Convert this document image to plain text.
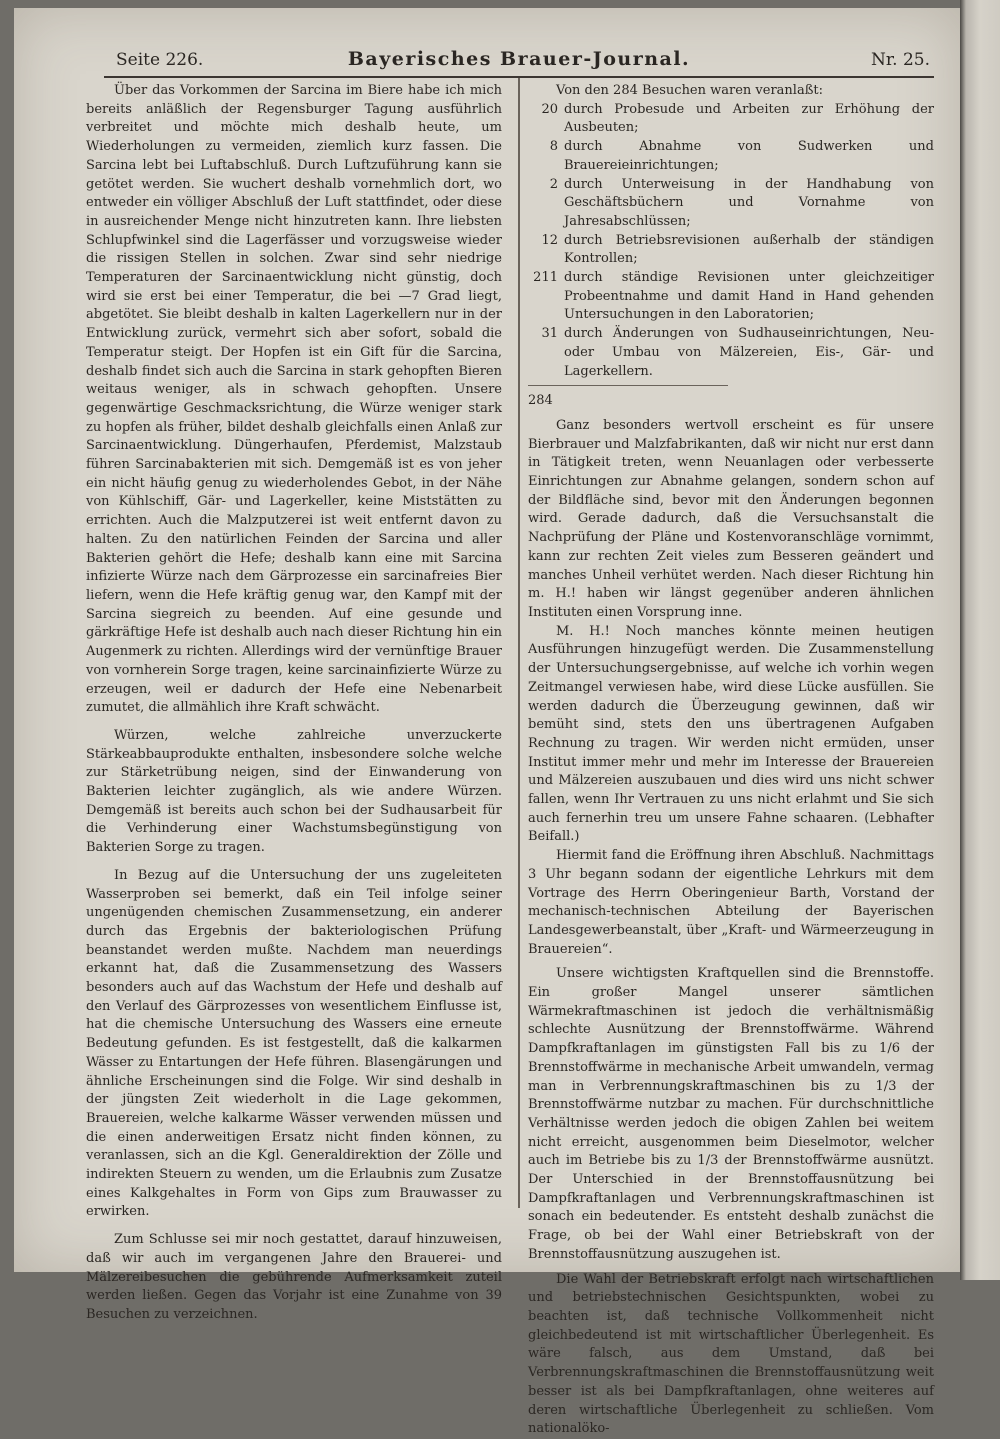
Seite 226.	Bayerisches Brauer-Journal.	Nr. 25.

Über das Vorkommen der Sarcina im Biere habe ich mich bereits anläßlich der Regensburger Tagung ausführlich verbreitet und möchte mich deshalb heute, um Wiederholungen zu vermeiden, ziemlich kurz fassen. Die Sarcina lebt bei Luftabschluß. Durch Luftzuführung kann sie getötet werden. Sie wuchert deshalb vornehmlich dort, wo entweder ein völliger Abschluß der Luft stattfindet, oder diese in ausreichender Menge nicht hinzutreten kann. Ihre liebsten Schlupfwinkel sind die Lagerfässer und vorzugsweise wieder die rissigen Stellen in solchen. Zwar sind sehr niedrige Temperaturen der Sarcinaentwicklung nicht günstig, doch wird sie erst bei einer Temperatur, die bei —7 Grad liegt, abgetötet. Sie bleibt deshalb in kalten Lagerkellern nur in der Entwicklung zurück, vermehrt sich aber sofort, sobald die Temperatur steigt. Der Hopfen ist ein Gift für die Sarcina, deshalb findet sich auch die Sarcina in stark gehopften Bieren weitaus weniger, als in schwach gehopften. Unsere gegenwärtige Geschmacksrichtung, die Würze weniger stark zu hopfen als früher, bildet deshalb gleichfalls einen Anlaß zur Sarcinaentwicklung. Düngerhaufen, Pferdemist, Malzstaub führen Sarcinabakterien mit sich. Demgemäß ist es von jeher ein nicht häufig genug zu wiederholendes Gebot, in der Nähe von Kühlschiff, Gär- und Lagerkeller, keine Miststätten zu errichten. Auch die Malzputzerei ist weit entfernt davon zu halten. Zu den natürlichen Feinden der Sarcina und aller Bakterien gehört die Hefe; deshalb kann eine mit Sarcina infizierte Würze nach dem Gärprozesse ein sarcinafreies Bier liefern, wenn die Hefe kräftig genug war, den Kampf mit der Sarcina siegreich zu beenden. Auf eine gesunde und gärkräftige Hefe ist deshalb auch nach dieser Richtung hin ein Augenmerk zu richten. Allerdings wird der vernünftige Brauer von vornherein Sorge tragen, keine sarcinainfizierte Würze zu erzeugen, weil er dadurch der Hefe eine Nebenarbeit zumutet, die allmählich ihre Kraft schwächt.

Würzen, welche zahlreiche unverzuckerte Stärkeabbauprodukte enthalten, insbesondere solche welche zur Stärketrübung neigen, sind der Einwanderung von Bakterien leichter zugänglich, als wie andere Würzen. Demgemäß ist bereits auch schon bei der Sudhausarbeit für die Verhinderung einer Wachstumsbegünstigung von Bakterien Sorge zu tragen.

In Bezug auf die Untersuchung der uns zugeleiteten Wasserproben sei bemerkt, daß ein Teil infolge seiner ungenügenden chemischen Zusammensetzung, ein anderer durch das Ergebnis der bakteriologischen Prüfung beanstandet werden mußte. Nachdem man neuerdings erkannt hat, daß die Zusammensetzung des Wassers besonders auch auf das Wachstum der Hefe und deshalb auf den Verlauf des Gärprozesses von wesentlichem Einflusse ist, hat die chemische Untersuchung des Wassers eine erneute Bedeutung gefunden. Es ist festgestellt, daß die kalkarmen Wässer zu Entartungen der Hefe führen. Blasengärungen und ähnliche Erscheinungen sind die Folge. Wir sind deshalb in der jüngsten Zeit wiederholt in die Lage gekommen, Brauereien, welche kalkarme Wässer verwenden müssen und die einen anderweitigen Ersatz nicht finden können, zu veranlassen, sich an die Kgl. Generaldirektion der Zölle und indirekten Steuern zu wenden, um die Erlaubnis zum Zusatze eines Kalkgehaltes in Form von Gips zum Brauwasser zu erwirken.

Zum Schlusse sei mir noch gestattet, darauf hinzuweisen, daß wir auch im vergangenen Jahre den Brauerei- und Mälzereibesuchen die gebührende Aufmerksamkeit zuteil werden ließen. Gegen das Vorjahr ist eine Zunahme von 39 Besuchen zu verzeichnen.

Von den 284 Besuchen waren veranlaßt:

20 durch Probesude und Arbeiten zur Erhöhung der Ausbeuten;
8 durch Abnahme von Sudwerken und Brauereieinrichtungen;
2 durch Unterweisung in der Handhabung von Geschäftsbüchern und Vornahme von Jahresabschlüssen;
12 durch Betriebsrevisionen außerhalb der ständigen Kontrollen;
211 durch ständige Revisionen unter gleichzeitiger Probeentnahme und damit Hand in Hand gehenden Untersuchungen in den Laboratorien;
31 durch Änderungen von Sudhauseinrichtungen, Neu- oder Umbau von Mälzereien, Eis-, Gär- und Lagerkellern.

284

Ganz besonders wertvoll erscheint es für unsere Bierbrauer und Malzfabrikanten, daß wir nicht nur erst dann in Tätigkeit treten, wenn Neuanlagen oder verbesserte Einrichtungen zur Abnahme gelangen, sondern schon auf der Bildfläche sind, bevor mit den Änderungen begonnen wird. Gerade dadurch, daß die Versuchsanstalt die Nachprüfung der Pläne und Kostenvoranschläge vornimmt, kann zur rechten Zeit vieles zum Besseren geändert und manches Unheil verhütet werden. Nach dieser Richtung hin m. H.! haben wir längst gegenüber anderen ähnlichen Instituten einen Vorsprung inne.

M. H.! Noch manches könnte meinen heutigen Ausführungen hinzugefügt werden. Die Zusammenstellung der Untersuchungsergebnisse, auf welche ich vorhin wegen Zeitmangel verwiesen habe, wird diese Lücke ausfüllen. Sie werden dadurch die Überzeugung gewinnen, daß wir bemüht sind, stets den uns übertragenen Aufgaben Rechnung zu tragen. Wir werden nicht ermüden, unser Institut immer mehr und mehr im Interesse der Brauereien und Mälzereien auszubauen und dies wird uns nicht schwer fallen, wenn Ihr Vertrauen zu uns nicht erlahmt und Sie sich auch fernerhin treu um unsere Fahne schaaren. (Lebhafter Beifall.)

Hiermit fand die Eröffnung ihren Abschluß. Nachmittags 3 Uhr begann sodann der eigentliche Lehrkurs mit dem Vortrage des Herrn Oberingenieur Barth, Vorstand der mechanisch-technischen Abteilung der Bayerischen Landesgewerbeanstalt, über „Kraft- und Wärmeerzeugung in Brauereien“.

Unsere wichtigsten Kraftquellen sind die Brennstoffe. Ein großer Mangel unserer sämtlichen Wärmekraftmaschinen ist jedoch die verhältnismäßig schlechte Ausnützung der Brennstoffwärme. Während Dampfkraftanlagen im günstigsten Fall bis zu 1/6 der Brennstoffwärme in mechanische Arbeit umwandeln, vermag man in Verbrennungskraftmaschinen bis zu 1/3 der Brennstoffwärme nutzbar zu machen. Für durchschnittliche Verhältnisse werden jedoch die obigen Zahlen bei weitem nicht erreicht, ausgenommen beim Dieselmotor, welcher auch im Betriebe bis zu 1/3 der Brennstoffwärme ausnützt. Der Unterschied in der Brennstoffausnützung bei Dampfkraftanlagen und Verbrennungskraftmaschinen ist sonach ein bedeutender. Es entsteht deshalb zunächst die Frage, ob bei der Wahl einer Betriebskraft von der Brennstoffausnützung auszugehen ist.

Die Wahl der Betriebskraft erfolgt nach wirtschaftlichen und betriebstechnischen Gesichtspunkten, wobei zu beachten ist, daß technische Vollkommenheit nicht gleichbedeutend ist mit wirtschaftlicher Überlegenheit. Es wäre falsch, aus dem Umstand, daß bei Verbrennungskraftmaschinen die Brennstoffausnützung weit besser ist als bei Dampfkraftanlagen, ohne weiteres auf deren wirtschaftliche Überlegenheit zu schließen. Vom nationalöko-
